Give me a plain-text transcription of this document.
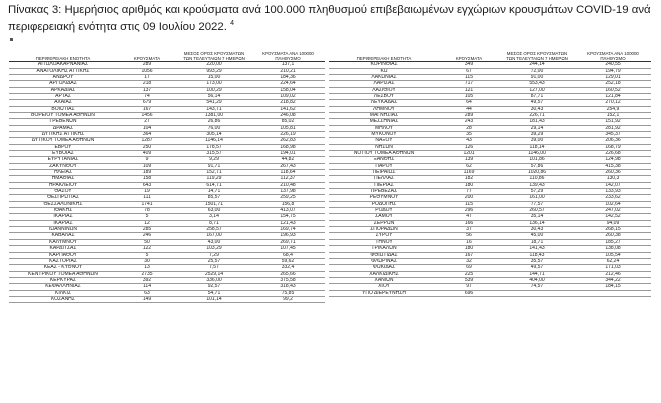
Πίνακας 3: Ημερήσιος αριθμός και κρούσματα ανά 100.000 πληθυσμού επιβεβαιωμένων εγχώριων κρουσμάτων COVID-19 ανά περιφερειακή ενότητα στις 09 Ιουλίου 2022. $^4$
		ΜΕΣΟΣ ΟΡΟΣ ΚΡΟΥΣΜΑΤΩΝ	ΚΡΟΥΣΜΑΤΑ ΑΝΑ 100000
ΠΕΡΙΦΕΡΕΙΑΚΗ ΕΝΟΤΗΤΑ	ΚΡΟΥΣΜΑΤΑ	ΤΩΝ ΤΕΛΕΥΤΑΙΩΝ 7 ΗΜΕΡΩΝ	ΠΛΗΘΥΣΜΟ
ΑΙΤΩΛΟΑΚΑΡΝΑΝΙΑΣ	289	220,00	137,1
ΑΝΑΤΟΛΙΚΗΣ ΑΤΤΙΚΗΣ	1056	993,29	210,21
ΑΝΔΡΟΥ	17	15,00	184,36
ΑΡΓΟΛΙΔΑΣ	218	173,00	224,64
ΑΡΚΑΔΙΑΣ	137	100,29	158,04
ΑΡΤΑΣ	74	56,14	109,02
ΑΧΑΪΑΣ	679	541,29	218,82
ΒΟΙΩΤΙΑΣ	167	143,71	141,62
ΒΟΡΕΙΟΥ ΤΟΜΕΑ ΑΘΗΝΩΝ	1456	1381,00	246,08
ΓΡΕΒΕΝΩΝ	27	26,86	85,02
ΔΡΑΜΑΣ	104	76,00	105,81
ΔΥΤΙΚΗΣ ΑΤΤΙΚΗΣ	364	305,14	226,19
ΔΥΤΙΚΟΥ ΤΟΜΕΑ ΑΘΗΝΩΝ	1287	1146,14	262,83
ΕΒΡΟΥ	250	178,57	168,98
ΕΥΒΟΙΑΣ	409	315,57	194,01
ΕΥΡΥΤΑΝΙΑΣ	9	9,29	44,82
ΖΑΚΥΝΘΟΥ	109	91,71	267,43
ΗΛΕΙΑΣ	189	152,71	118,64
ΗΜΑΘΙΑΣ	158	119,29	112,37
ΗΡΑΚΛΕΙΟΥ	643	614,71	210,48
ΘΑΣΟΥ	19	14,71	137,98
ΘΕΣΠΡΩΤΙΑΣ	111	85,57	259,25
ΘΕΣΣΑΛΟΝΙΚΗΣ	1741	1501,71	156,8
ΙΘΑΚΗΣ	78	63,00	413,07
ΙΚΑΡΙΑΣ	5	3,14	154,75
ΙΚΑΡΙΑΣ	12	8,71	121,43
ΙΩΑΝΝΙΝΩΝ	285	258,57	169,74
ΚΑΒΑΛΑΣ	246	167,00	196,93
ΚΑΛΥΜΝΟΥ	50	43,00	269,71
ΚΑΡΔΙΤΣΑΣ	122	103,29	107,45
ΚΑΡΠΑΘΟΥ	5	7,29	68,4
ΚΑΣΤΟΡΙΑΣ	30	25,57	59,62
ΚΕΑΣ - ΚΥΘΝΟΥ	13	7,57	332,4
ΚΕΝΤΡΙΚΟΥ ΤΟΜΕΑ ΑΘΗΝΩΝ	2735	2529,14	265,66
ΚΕΡΚΥΡΑΣ	392	336,00	375,58
ΚΕΦΑΛΛΗΝΙΑΣ	114	92,57	318,43
ΚΙΛΚΙΣ	63	54,71	75,85
ΚΟΖΑΝΗΣ	149	101,14	99,2
		ΜΕΣΟΣ ΟΡΟΣ ΚΡΟΥΣΜΑΤΩΝ	ΚΡΟΥΣΜΑΤΑ ΑΝΑ 100000
ΠΕΡΙΦΕΡΕΙΑΚΗ ΕΝΟΤΗΤΑ	ΚΡΟΥΣΜΑΤΑ	ΤΩΝ ΤΕΛΕΥΤΑΙΩΝ 7 ΗΜΕΡΩΝ	ΠΛΗΘΥΣΜΟ
ΚΟΡΙΝΘΙΑΣ	349	244,14	240,55
ΚΩ	67	72,00	194,79
ΛΑΚΩΝΙΑΣ	115	91,00	129,01
ΛΑΡΙΣΑΣ	717	553,43	252,18
ΛΑΣΙΘΙΟΥ	121	127,00	160,52
ΛΕΣΒΟΥ	105	87,71	121,84
ΛΕΥΚΑΔΑΣ	64	49,57	270,12
ΛΗΜΝΟΥ	44	30,43	254,9
ΜΑΓΝΗΣΙΑΣ	289	226,71	152,1
ΜΕΣΣΗΝΙΑΣ	243	181,43	151,92
ΜΗΛΟΥ	28	29,14	281,92
ΜΥΚΟΝΟΥ	35	39,29	345,37
ΝΑΞΟΥ	43	39,00	206,36
ΝΗΣΩΝ	126	118,14	168,79
ΝΟΤΙΟΥ ΤΟΜΕΑ ΑΘΗΝΩΝ	1201	1146,00	226,68
ΞΑΝΘΗΣ	139	101,86	124,98
ΠΑΡΟΥ	62	57,86	415,38
ΠΕΙΡΑΙΩΣ	1169	1020,86	260,36
ΠΕΛΛΑΣ	182	110,86	130,3
ΠΙΕΡΙΑΣ	180	139,43	142,07
ΠΡΕΒΕΖΑΣ	77	57,29	133,93
ΡΕΘΥΜΝΟΥ	200	161,00	233,62
ΡΟΔΟΠΗΣ	115	77,57	102,64
ΡΟΔΟΥ	296	260,57	247,02
ΣΑΜΟΥ	47	35,14	142,52
ΣΕΡΡΩΝ	166	136,14	94,09
ΣΠΟΡΑΔΩΝ	37	30,43	268,15
ΣΥΡΟΥ	56	45,00	260,38
ΤΗΝΟΥ	16	18,71	185,27
ΤΡΙΚΑΛΩΝ	180	141,43	138,08
ΦΘΙΩΤΙΔΑΣ	167	118,43	105,54
ΦΛΩΡΙΝΑΣ	32	35,57	62,24
ΦΩΚΙΔΑΣ	69	49,57	171,03
ΧΑΛΚΙΔΙΚΗΣ	225	144,71	212,46
ΧΑΝΙΩΝ	539	404,00	344,22
ΧΙΟΥ	97	74,57	184,15
ΥΠΟ ΔΙΕΡΕΥΝΗΣΗ	696		
